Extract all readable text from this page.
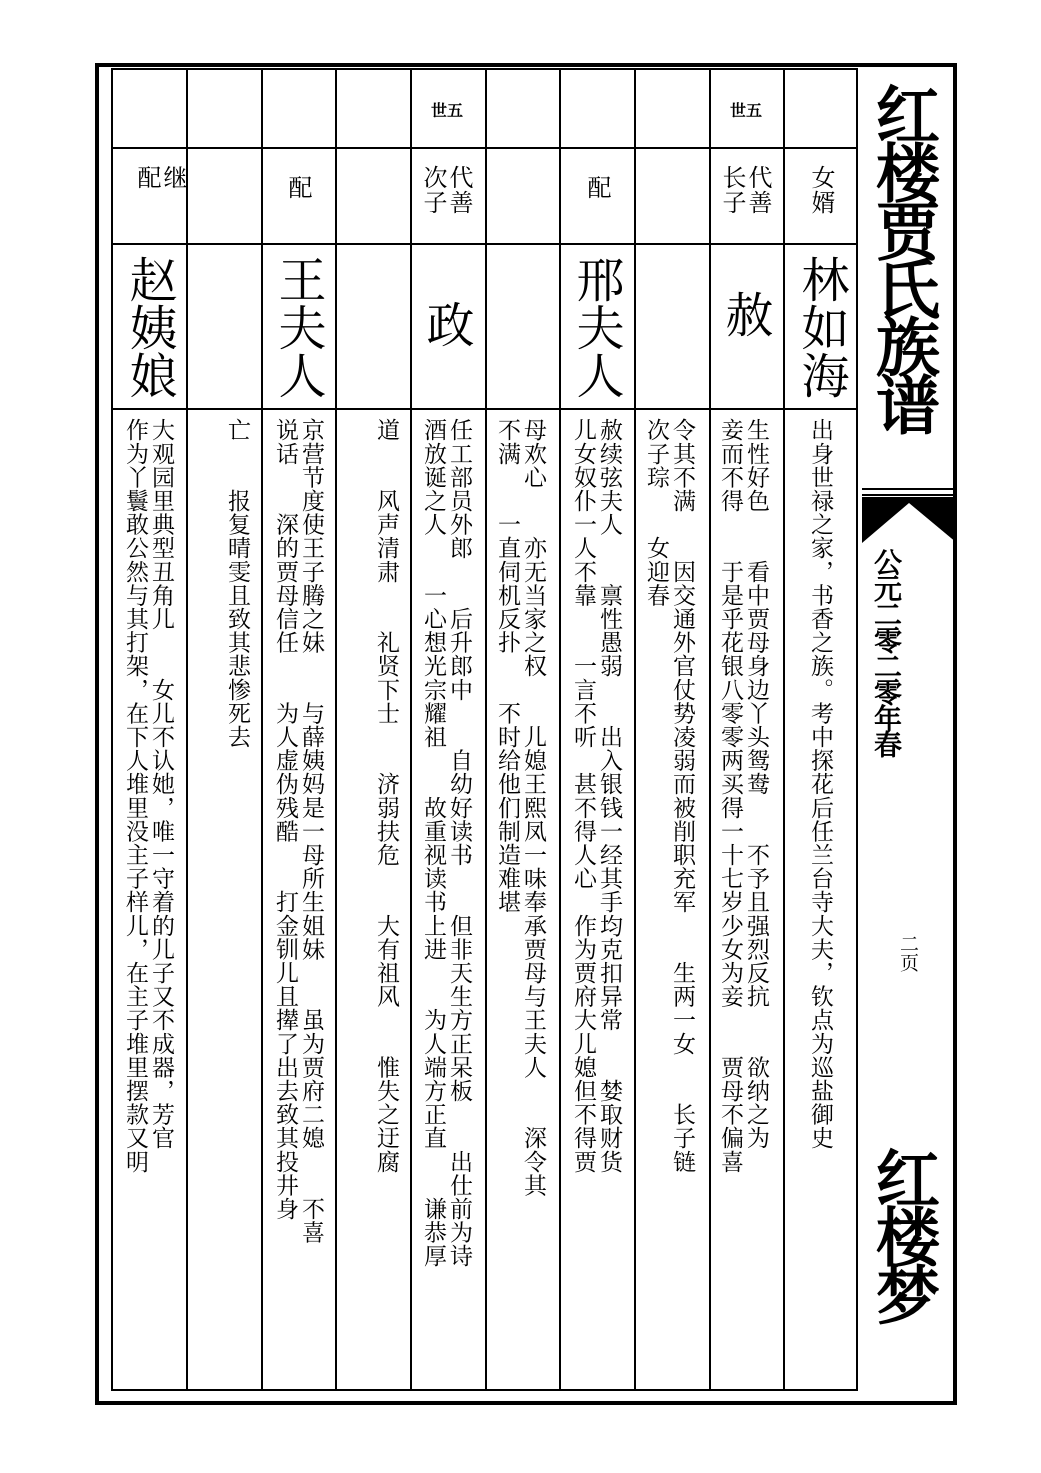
女婿
林如海
出身世禄之家，书香之族。考中探花后任兰台寺大夫，钦点为巡盐御史
世五
代善
长子
赦
生性好色　　看中贾母身边丫头鸳鸯　　不予且强烈反抗　　欲纳之为
妾而不得　　于是乎花银八零零两买得一十七岁少女为妾　　贾母不偏喜
令其不满　　因交通外官仗势凌弱而被削职充军　　生两一女　　长子链
次子琮　　女迎春
配
邢夫人
赦续弦夫人　　禀性愚弱　　出入银钱一经其手均克扣异常　　婪取财货
儿女奴仆一人不靠　　一言不听　甚不得人心　作为贾府大儿媳但不得贾
母欢心　　亦无当家之权　　儿媳王熙凤一味奉承贾母与王夫人　　深令其
不满　　一直伺机反扑　　不时给他们制造难堪
世五
代善
次子
政
任工部员外郎　　后升郎中　　自幼好读书　　但非天生方正呆板　　出仕前为诗
酒放诞之人　　一心想光宗耀祖　　故重视读书上进　　为人端方正直　　谦恭厚
道　　风声清肃　　礼贤下士　　济弱扶危　　大有祖风　　惟失之迂腐
配
王夫人
京营节度使王子腾之妹　　与薛姨妈是一母所生姐妹　　虽为贾府二媳　　不喜
说话　　深的贾母信任　　为人虚伪残酷　　打金钏儿且撵了出去致其投井身
亡　　报复晴雯且致其悲惨死去
继
配
赵姨娘
大观园里典型丑角儿　　女儿不认她，唯一守着的儿子又不成器，芳官
作为丫鬟敢公然与其打架，在下人堆里没主子样儿，在主子堆里摆款又明
红楼贾氏族谱
公元二零二零年春
二页
红楼梦
